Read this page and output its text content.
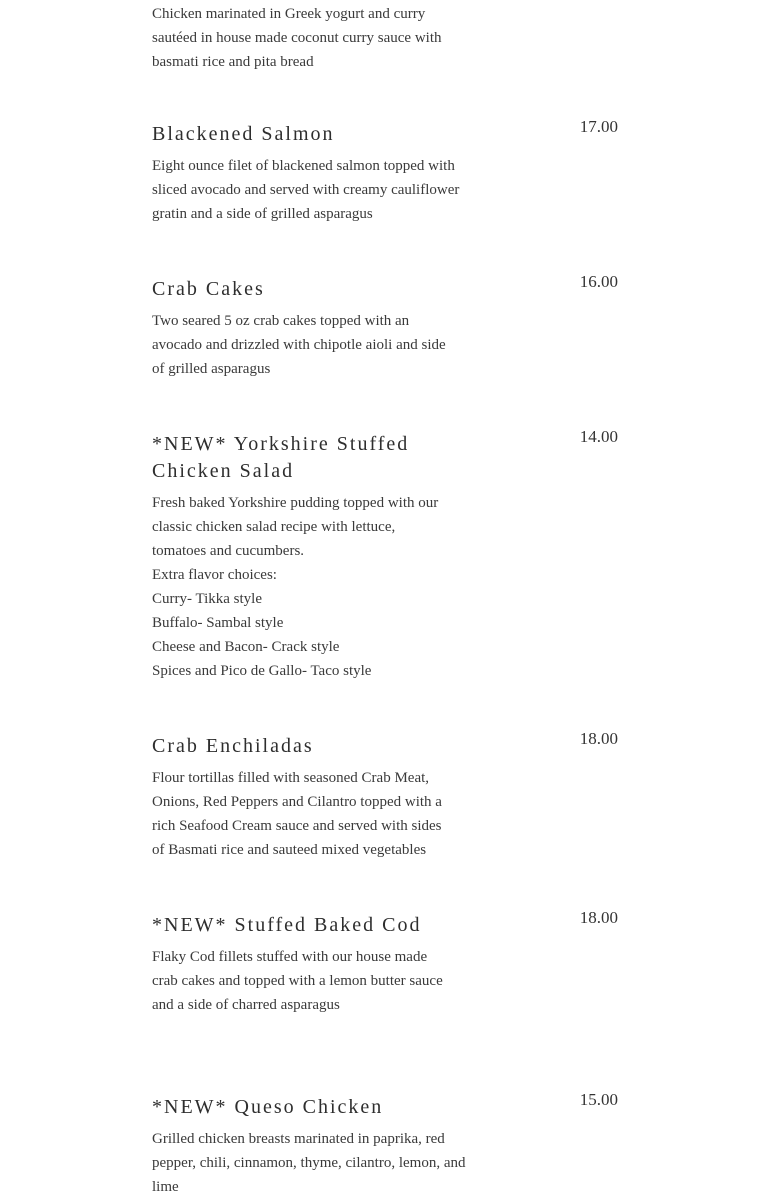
Chicken marinated in Greek yogurt and curry
sautéed in house made coconut curry sauce with
basmati rice and pita bread
Blackened Salmon	17.00
Eight ounce filet of blackened salmon topped with
sliced avocado and served with creamy cauliflower
gratin and a side of grilled asparagus
Crab Cakes	16.00
Two seared 5 oz crab cakes topped with an
avocado and drizzled with chipotle aioli and side
of grilled asparagus
*NEW* Yorkshire Stuffed Chicken Salad
14.00
Fresh baked Yorkshire pudding topped with our
classic chicken salad recipe with lettuce,
tomatoes and cucumbers.
Extra flavor choices:
Curry- Tikka style
Buffalo- Sambal style
Cheese and Bacon- Crack style
Spices and Pico de Gallo- Taco style
Crab Enchiladas	18.00
Flour tortillas filled with seasoned Crab Meat,
Onions, Red Peppers and Cilantro topped with a
rich Seafood Cream sauce and served with sides
of Basmati rice and sauteed mixed vegetables
*NEW* Stuffed Baked Cod	18.00
Flaky Cod fillets stuffed with our house made
crab cakes and topped with a lemon butter sauce
and a side of charred asparagus
*NEW* Queso Chicken	15.00
Grilled chicken breasts marinated in paprika, red
pepper, chili, cinnamon, thyme, cilantro, lemon, and
lime
